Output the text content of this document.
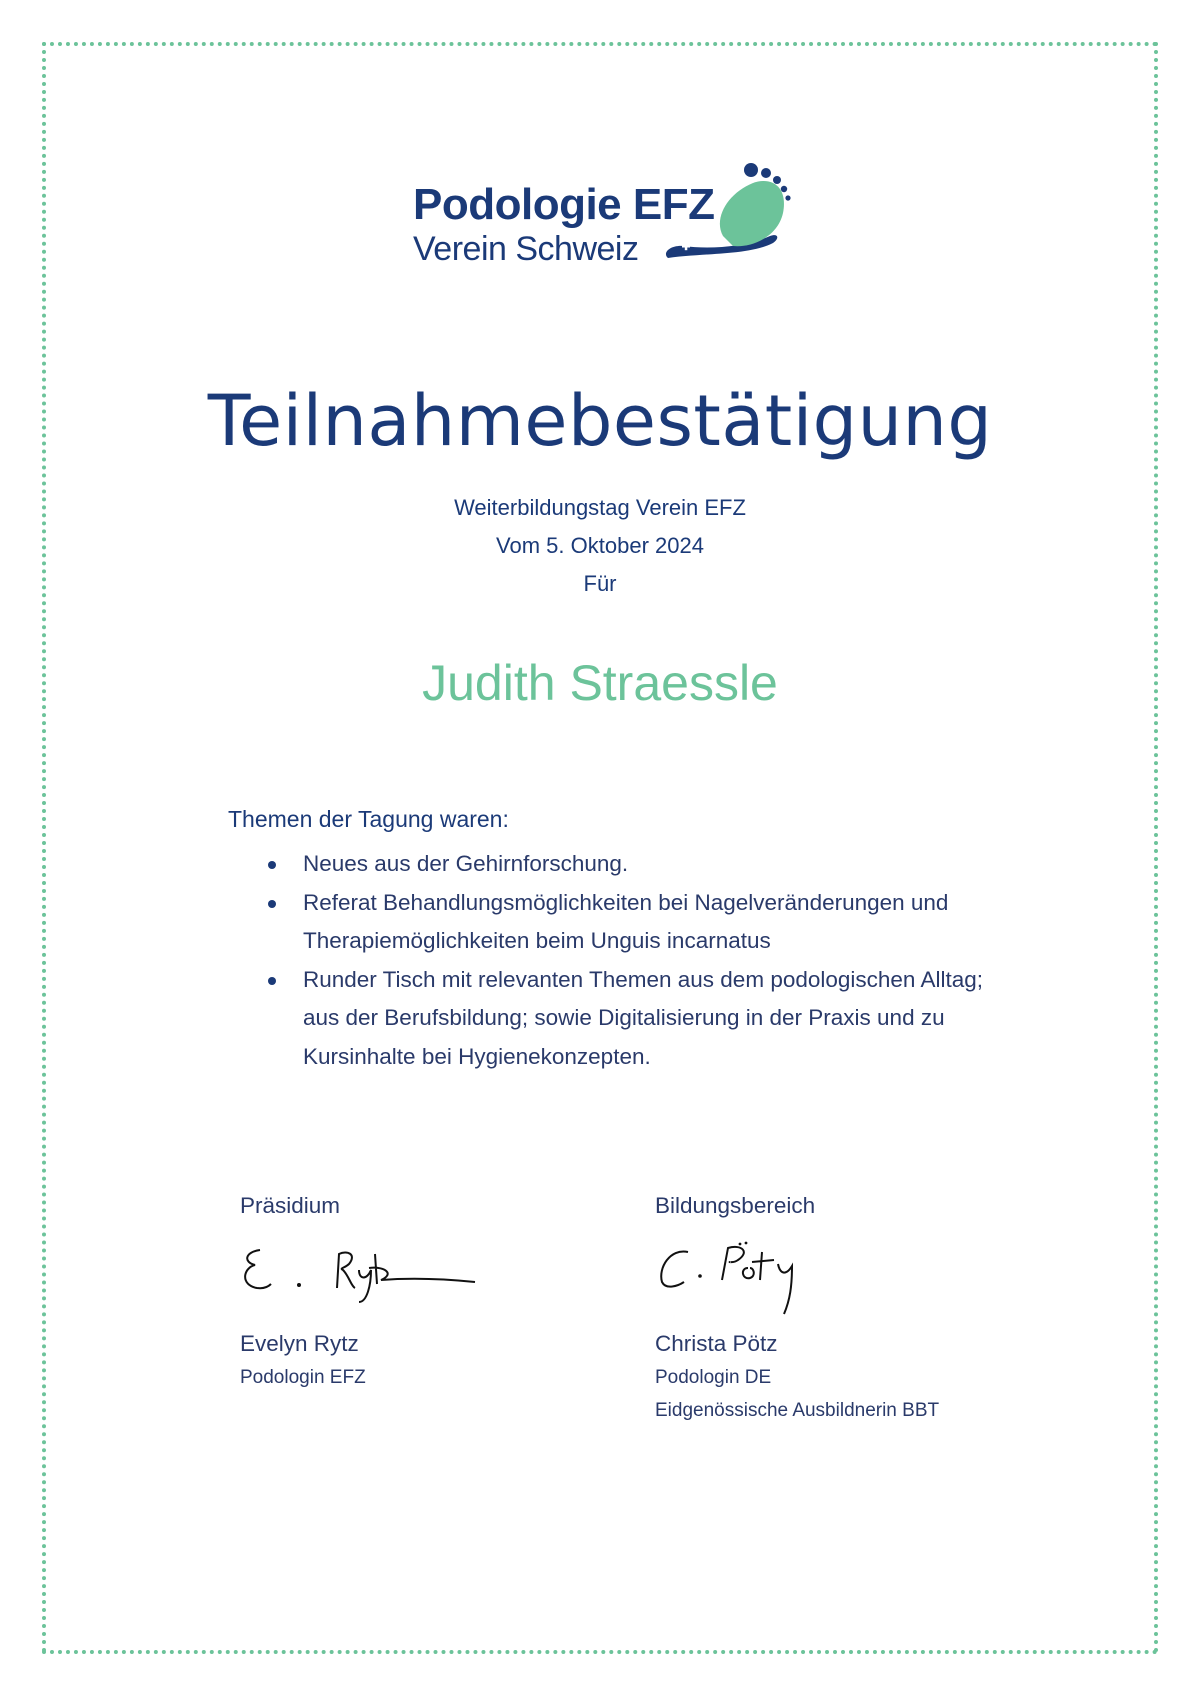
Podologie EFZ
Verein Schweiz
Teilnahmebestätigung
Weiterbildungstag Verein EFZ
Vom 5. Oktober 2024
Für
Judith Straessle
Themen der Tagung waren:
Neues aus der Gehirnforschung.
Referat Behandlungsmöglichkeiten bei Nagelveränderungen und
Therapiemöglichkeiten beim Unguis incarnatus
Runder Tisch mit relevanten Themen aus dem podologischen Alltag;
aus der Berufsbildung; sowie Digitalisierung in der Praxis und zu
Kursinhalte bei Hygienekonzepten.
Präsidium
Evelyn Rytz
Podologin EFZ
Bildungsbereich
Christa Pötz
Podologin DE
Eidgenössische Ausbildnerin BBT
